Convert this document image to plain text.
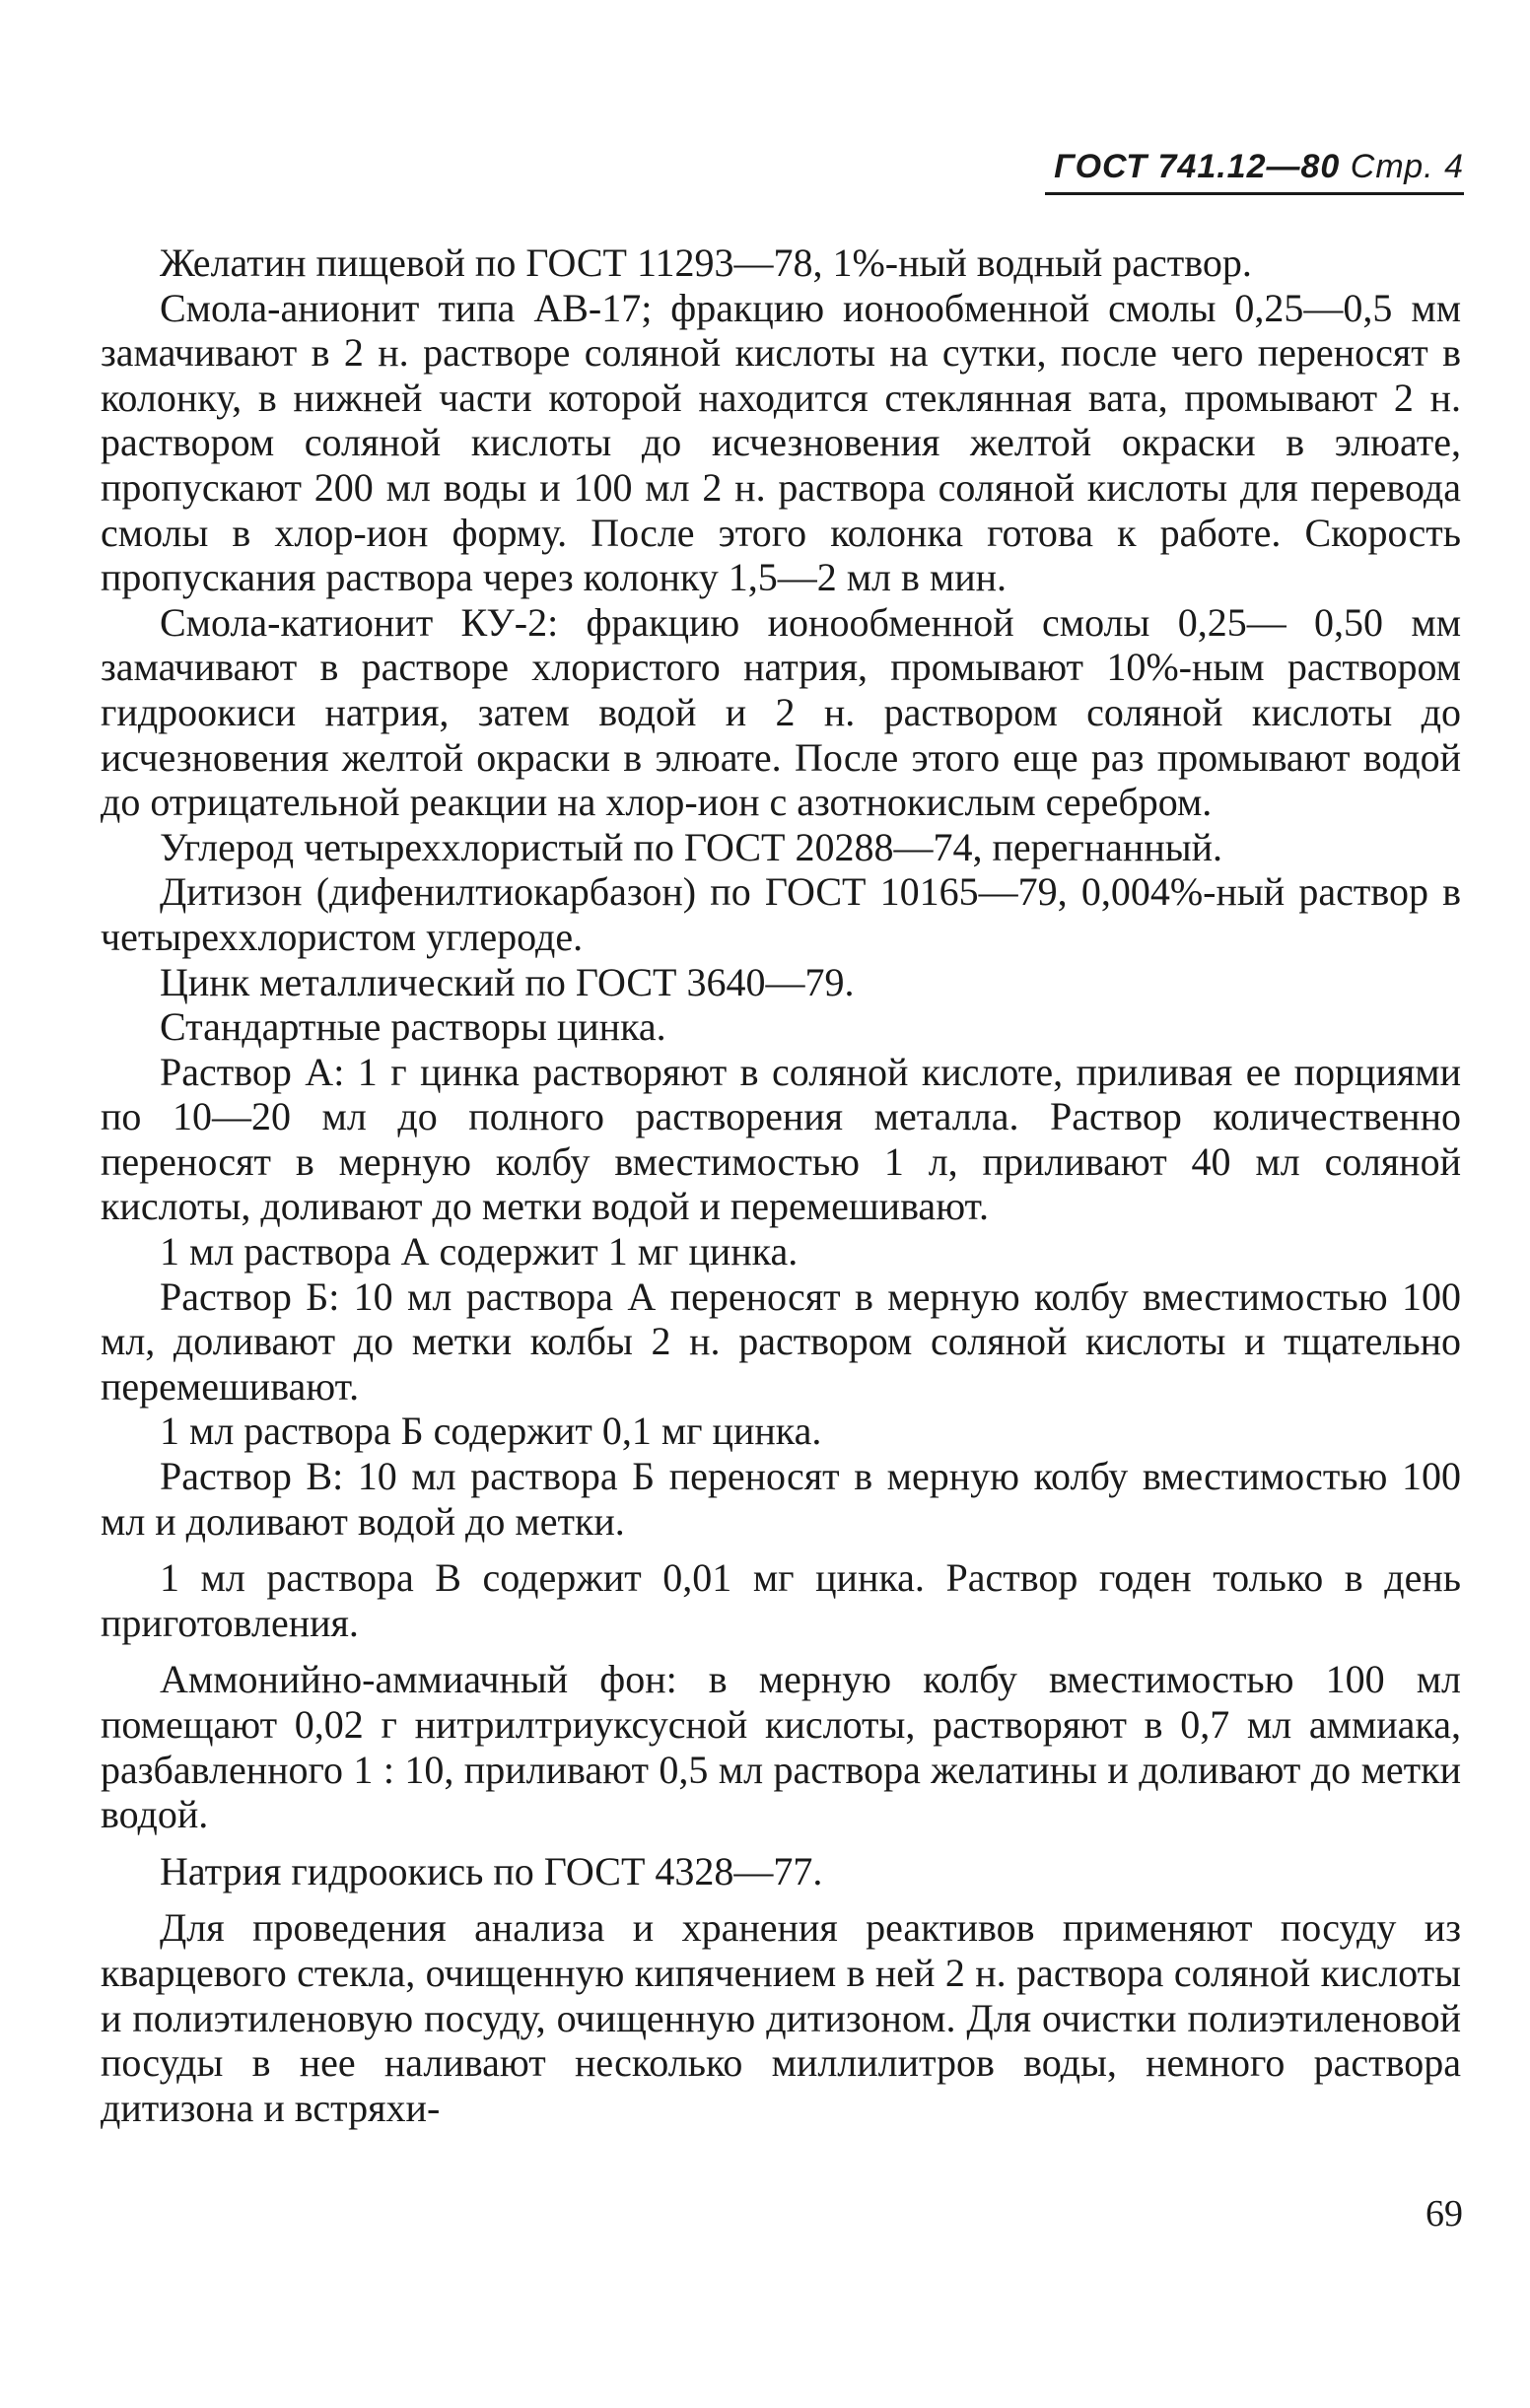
ГОСТ 741.12—80 Стр. 4

Желатин пищевой по ГОСТ 11293—78, 1%-ный водный раствор.

Смола-анионит типа АВ-17; фракцию ионообменной смолы 0,25—0,5 мм замачивают в 2 н. растворе соляной кислоты на сутки, после чего переносят в колонку, в нижней части которой находится стеклянная вата, промывают 2 н. раствором соляной кислоты до исчезновения желтой окраски в элюате, пропускают 200 мл воды и 100 мл 2 н. раствора соляной кислоты для перевода смолы в хлор-ион форму. После этого колонка готова к работе. Скорость пропускания раствора через колонку 1,5—2 мл в мин.

Смола-катионит КУ-2: фракцию ионообменной смолы 0,25— 0,50 мм замачивают в растворе хлористого натрия, промывают 10%-ным раствором гидроокиси натрия, затем водой и 2 н. раствором соляной кислоты до исчезновения желтой окраски в элюате. После этого еще раз промывают водой до отрицательной реакции на хлор-ион с азотнокислым серебром.

Углерод четыреххлористый по ГОСТ 20288—74, перегнанный.

Дитизон (дифенилтиокарбазон) по ГОСТ 10165—79, 0,004%-ный раствор в четыреххлористом углероде.

Цинк металлический по ГОСТ 3640—79.

Стандартные растворы цинка.

Раствор А: 1 г цинка растворяют в соляной кислоте, приливая ее порциями по 10—20 мл до полного растворения металла. Раствор количественно переносят в мерную колбу вместимостью 1 л, приливают 40 мл соляной кислоты, доливают до метки водой и перемешивают.

1 мл раствора А содержит 1 мг цинка.

Раствор Б: 10 мл раствора А переносят в мерную колбу вместимостью 100 мл, доливают до метки колбы 2 н. раствором соляной кислоты и тщательно перемешивают.

1 мл раствора Б содержит 0,1 мг цинка.

Раствор В: 10 мл раствора Б переносят в мерную колбу вместимостью 100 мл и доливают водой до метки.

1 мл раствора В содержит 0,01 мг цинка. Раствор годен только в день приготовления.

Аммонийно-аммиачный фон: в мерную колбу вместимостью 100 мл помещают 0,02 г нитрилтриуксусной кислоты, растворяют в 0,7 мл аммиака, разбавленного 1 : 10, приливают 0,5 мл раствора желатины и доливают до метки водой.

Натрия гидроокись по ГОСТ 4328—77.

Для проведения анализа и хранения реактивов применяют посуду из кварцевого стекла, очищенную кипячением в ней 2 н. раствора соляной кислоты и полиэтиленовую посуду, очищенную дитизоном. Для очистки полиэтиленовой посуды в нее наливают несколько миллилитров воды, немного раствора дитизона и встряхи-

69
